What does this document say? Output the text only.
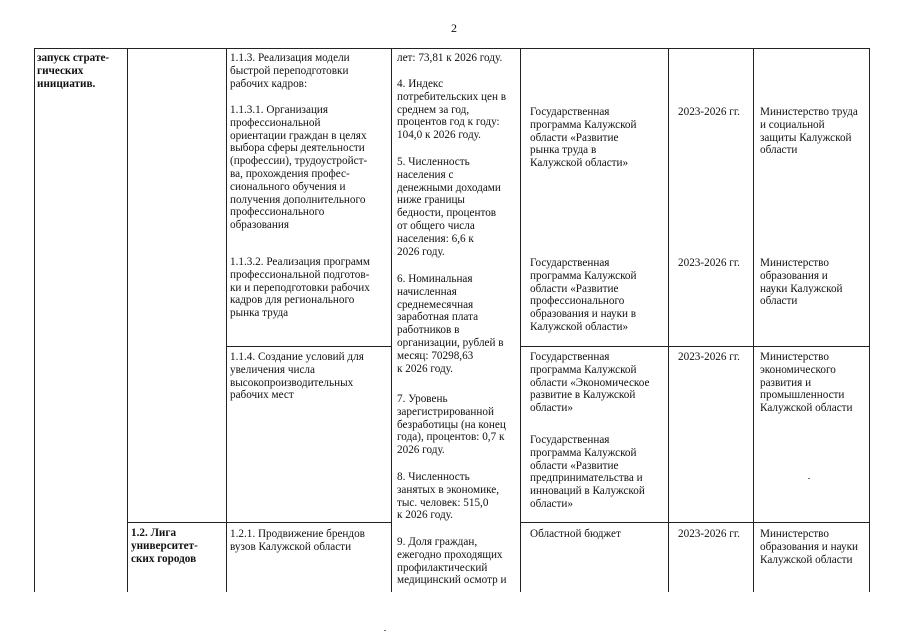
2
запуск страте-
гических
инициатив.
1.2. Лига
университет-
ских городов
1.1.3. Реализация модели
быстрой переподготовки
рабочих кадров:
1.1.3.1. Организация
профессиональной
ориентации граждан в целях
выбора сферы деятельности
(профессии), трудоустройст-
ва, прохождения профес-
сионального обучения и
получения дополнительного
профессионального
образования
1.1.3.2. Реализация программ
профессиональной подготов-
ки и переподготовки рабочих
кадров для регионального
рынка труда
1.1.4. Создание условий для
увеличения числа
высокопроизводительных
рабочих мест
1.2.1. Продвижение брендов
вузов Калужской области
лет: 73,81 к 2026 году.
4. Индекс
потребительских цен в
среднем за год,
процентов год к году:
104,0 к 2026 году.
5. Численность
населения с
денежными доходами
ниже границы
бедности, процентов
от общего числа
населения: 6,6 к
2026 году.
6. Номинальная
начисленная
среднемесячная
заработная плата
работников в
организации, рублей в
месяц: 70298,63
к 2026 году.
7. Уровень
зарегистрированной
безработицы (на конец
года), процентов: 0,7 к
2026 году.
8. Численность
занятых в экономике,
тыс. человек: 515,0
к 2026 году.
9. Доля граждан,
ежегодно проходящих
профилактический
медицинский осмотр и
Государственная
программа Калужской
области «Развитие
рынка труда в
Калужской области»
Государственная
программа Калужской
области «Развитие
профессионального
образования и науки в
Калужской области»
Государственная
программа Калужской
области «Экономическое
развитие в Калужской
области»
Государственная
программа Калужской
области «Развитие
предпринимательства и
инноваций в Калужской
области»
Областной бюджет
2023-2026 гг.
2023-2026 гг.
2023-2026 гг.
2023-2026 гг.
Министерство труда
и социальной
защиты Калужской
области
Министерство
образования и
науки Калужской
области
Министерство
экономического
развития и
промышленности
Калужской области
Министерство
образования и науки
Калужской области
